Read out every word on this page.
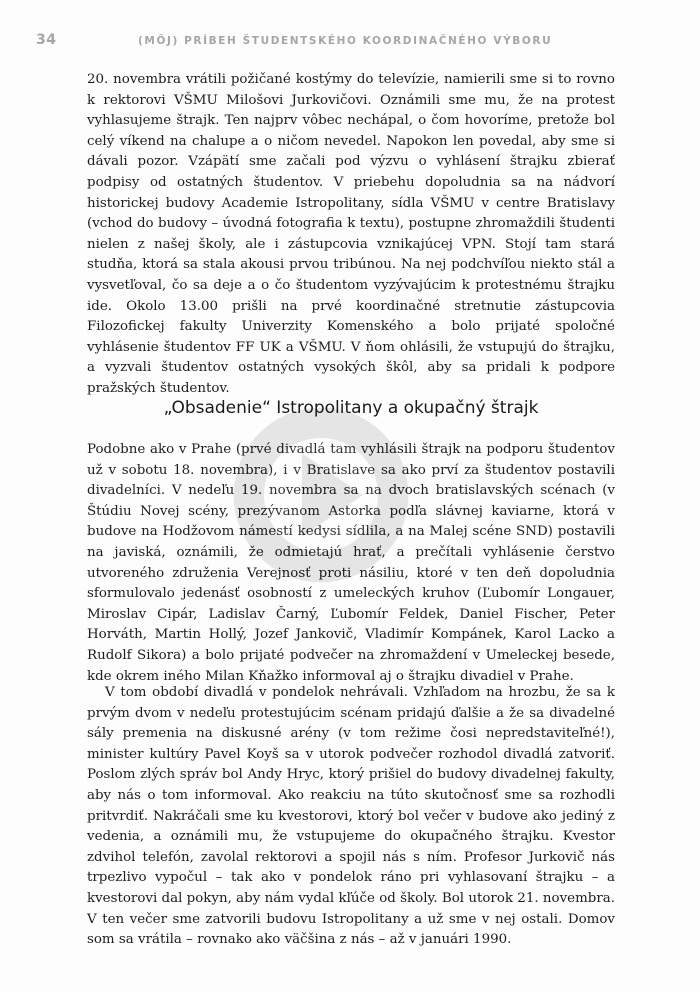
34	(MÔJ) PRÍBEH ŠTUDENTSKÉHO KOORDINAČNÉHO VÝBORU

20. novembra vrátili požičané kostýmy do televízie, namierili sme si to rovno k rektorovi VŠMU Milošovi Jurkovičovi. Oznámili sme mu, že na protest vyhlasujeme štrajk. Ten najprv vôbec nechápal, o čom hovoríme, pretože bol celý víkend na chalupe a o ničom nevedel. Napokon len povedal, aby sme si dávali pozor. Vzápätí sme začali pod výzvu o vyhlásení štrajku zbierať podpisy od ostatných študentov. V priebehu dopoludnia sa na nádvorí historickej budovy Academie Istropolitany, sídla VŠMU v centre Bratislavy (vchod do budovy – úvodná fotografia k textu), postupne zhromaždili študenti nielen z našej školy, ale i zástupcovia vznikajúcej VPN. Stojí tam stará studňa, ktorá sa stala akousi prvou tribúnou. Na nej podchvíľou niekto stál a vysvetľoval, čo sa deje a o čo študentom vyzývajúcim k protestnému štrajku ide. Okolo 13.00 prišli na prvé koordinačné stretnutie zástupcovia Filozofickej fakulty Univerzity Komenského a bolo prijaté spoločné vyhlásenie študentov FF UK a VŠMU. V ňom ohlásili, že vstupujú do štrajku, a vyzvali študentov ostatných vysokých škôl, aby sa pridali k podpore pražských študentov.

„Obsadenie“ Istropolitany a okupačný štrajk

Podobne ako v Prahe (prvé divadlá tam vyhlásili štrajk na podporu študentov už v sobotu 18. novembra), i v Bratislave sa ako prví za študentov postavili divadelníci. V nedeľu 19. novembra sa na dvoch bratislavských scénach (v Štúdiu Novej scény, prezývanom Astorka podľa slávnej kaviarne, ktorá v budove na Hodžovom námestí kedysi sídlila, a na Malej scéne SND) postavili na javiská, oznámili, že odmietajú hrať, a prečítali vyhlásenie čerstvo utvoreného združenia Verejnosť proti násiliu, ktoré v ten deň dopoludnia sformulovalo jedenásť osobností z umeleckých kruhov (Ľubomír Longauer, Miroslav Cipár, Ladislav Čarný, Ľubomír Feldek, Daniel Fischer, Peter Horváth, Martin Hollý, Jozef Jankovič, Vladimír Kompánek, Karol Lacko a Rudolf Sikora) a bolo prijaté podvečer na zhromaždení v Umeleckej besede, kde okrem iného Milan Kňažko informoval aj o štrajku divadiel v Prahe.

V tom období divadlá v pondelok nehrávali. Vzhľadom na hrozbu, že sa k prvým dvom v nedeľu protestujúcim scénam pridajú ďalšie a že sa divadelné sály premenia na diskusné arény (v tom režime čosi nepredstaviteľné!), minister kultúry Pavel Koyš sa v utorok podvečer rozhodol divadlá zatvoriť. Poslom zlých správ bol Andy Hryc, ktorý prišiel do budovy divadelnej fakulty, aby nás o tom informoval. Ako reakciu na túto skutočnosť sme sa rozhodli pritvrdiť. Nakráčali sme ku kvestorovi, ktorý bol večer v budove ako jediný z vedenia, a oznámili mu, že vstupujeme do okupačného štrajku. Kvestor zdvihol telefón, zavolal rektorovi a spojil nás s ním. Profesor Jurkovič nás trpezlivo vypočul – tak ako v pondelok ráno pri vyhlasovaní štrajku – a kvestorovi dal pokyn, aby nám vydal kľúče od školy. Bol utorok 21. novembra. V ten večer sme zatvorili budovu Istropolitany a už sme v nej ostali. Domov som sa vrátila – rovnako ako väčšina z nás – až v januári 1990.
